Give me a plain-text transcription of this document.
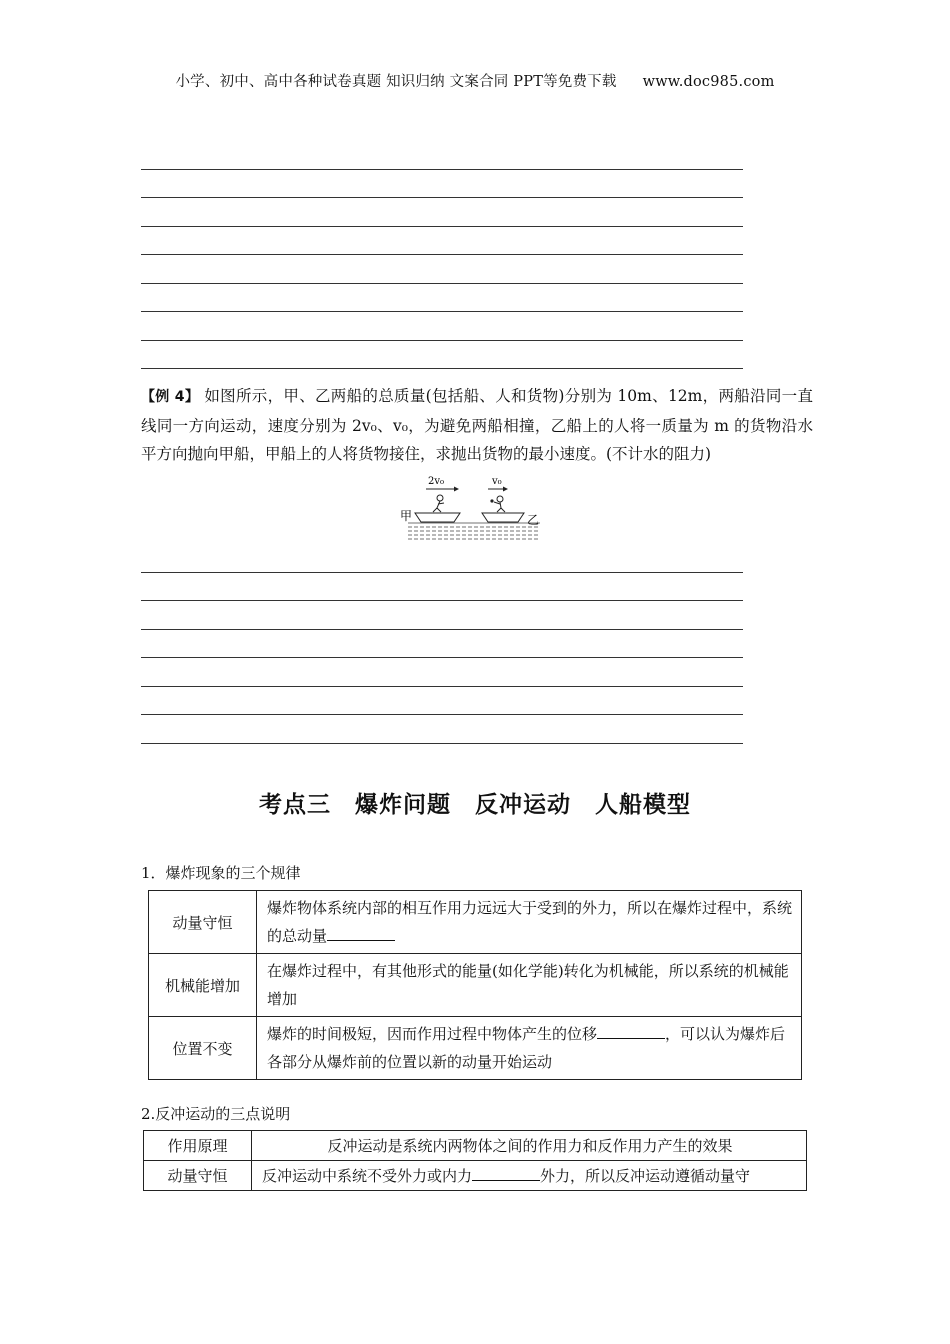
小学、初中、高中各种试卷真题 知识归纳 文案合同 PPT等免费下载 www.doc985.com
【例 4】 如图所示，甲、乙两船的总质量(包括船、人和货物)分别为 10m、12m，两船沿同一直线同一方向运动，速度分别为 2v₀、v₀，为避免两船相撞，乙船上的人将一质量为 m 的货物沿水平方向抛向甲船，甲船上的人将货物接住，求抛出货物的最小速度。(不计水的阻力)
2v₀	v₀
甲	乙
考点三　爆炸问题　反冲运动　人船模型
1．爆炸现象的三个规律
动量守恒	爆炸物体系统内部的相互作用力远远大于受到的外力，所以在爆炸过程中，系统的总动量
机械能增加	在爆炸过程中，有其他形式的能量(如化学能)转化为机械能，所以系统的机械能增加
位置不变	爆炸的时间极短，因而作用过程中物体产生的位移 ，可以认为爆炸后各部分从爆炸前的位置以新的动量开始运动
2.反冲运动的三点说明
作用原理	反冲运动是系统内两物体之间的作用力和反作用力产生的效果
动量守恒	反冲运动中系统不受外力或内力 外力，所以反冲运动遵循动量守
